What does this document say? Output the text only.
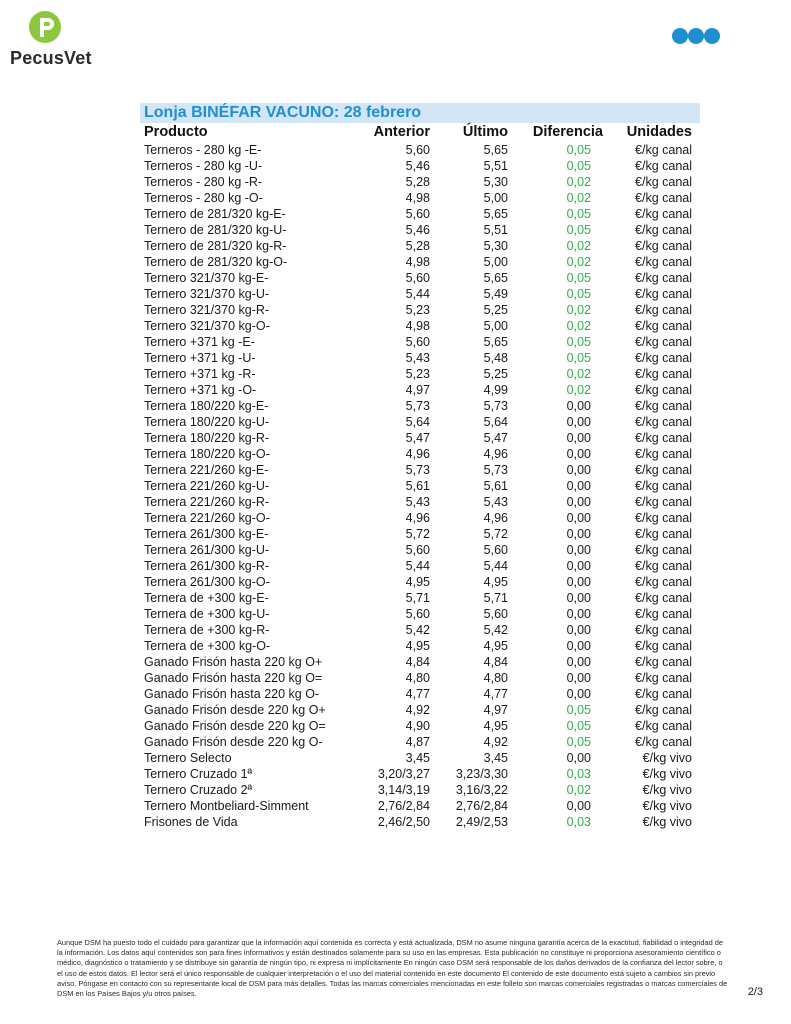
PecusVet
Lonja BINÉFAR VACUNO: 28 febrero
Producto	Anterior	Último	Diferencia	Unidades
Terneros - 280 kg -E-	5,60	5,65	0,05	€/kg canal
Terneros - 280 kg -U-	5,46	5,51	0,05	€/kg canal
Terneros - 280 kg -R-	5,28	5,30	0,02	€/kg canal
Terneros - 280 kg -O-	4,98	5,00	0,02	€/kg canal
Ternero de 281/320 kg-E-	5,60	5,65	0,05	€/kg canal
Ternero de 281/320 kg-U-	5,46	5,51	0,05	€/kg canal
Ternero de 281/320 kg-R-	5,28	5,30	0,02	€/kg canal
Ternero de 281/320 kg-O-	4,98	5,00	0,02	€/kg canal
Ternero 321/370 kg-E-	5,60	5,65	0,05	€/kg canal
Ternero 321/370 kg-U-	5,44	5,49	0,05	€/kg canal
Ternero 321/370 kg-R-	5,23	5,25	0,02	€/kg canal
Ternero 321/370 kg-O-	4,98	5,00	0,02	€/kg canal
Ternero +371 kg -E-	5,60	5,65	0,05	€/kg canal
Ternero +371 kg -U-	5,43	5,48	0,05	€/kg canal
Ternero +371 kg -R-	5,23	5,25	0,02	€/kg canal
Ternero +371 kg -O-	4,97	4,99	0,02	€/kg canal
Ternera 180/220 kg-E-	5,73	5,73	0,00	€/kg canal
Ternera 180/220 kg-U-	5,64	5,64	0,00	€/kg canal
Ternera 180/220 kg-R-	5,47	5,47	0,00	€/kg canal
Ternera 180/220 kg-O-	4,96	4,96	0,00	€/kg canal
Ternera 221/260 kg-E-	5,73	5,73	0,00	€/kg canal
Ternera 221/260 kg-U-	5,61	5,61	0,00	€/kg canal
Ternera 221/260 kg-R-	5,43	5,43	0,00	€/kg canal
Ternera 221/260 kg-O-	4,96	4,96	0,00	€/kg canal
Ternera 261/300 kg-E-	5,72	5,72	0,00	€/kg canal
Ternera 261/300 kg-U-	5,60	5,60	0,00	€/kg canal
Ternera 261/300 kg-R-	5,44	5,44	0,00	€/kg canal
Ternera 261/300 kg-O-	4,95	4,95	0,00	€/kg canal
Ternera de +300 kg-E-	5,71	5,71	0,00	€/kg canal
Ternera de +300 kg-U-	5,60	5,60	0,00	€/kg canal
Ternera de +300 kg-R-	5,42	5,42	0,00	€/kg canal
Ternera de +300 kg-O-	4,95	4,95	0,00	€/kg canal
Ganado Frisón hasta 220 kg O+	4,84	4,84	0,00	€/kg canal
Ganado Frisón hasta 220 kg O=	4,80	4,80	0,00	€/kg canal
Ganado Frisón hasta 220 kg O-	4,77	4,77	0,00	€/kg canal
Ganado Frisón desde 220 kg O+	4,92	4,97	0,05	€/kg canal
Ganado Frisón desde 220 kg O=	4,90	4,95	0,05	€/kg canal
Ganado Frisón desde 220 kg O-	4,87	4,92	0,05	€/kg canal
Ternero Selecto	3,45	3,45	0,00	€/kg vivo
Ternero Cruzado 1ª	3,20/3,27	3,23/3,30	0,03	€/kg vivo
Ternero Cruzado 2ª	3,14/3,19	3,16/3,22	0,02	€/kg vivo
Ternero Montbeliard-Simment	2,76/2,84	2,76/2,84	0,00	€/kg vivo
Frisones de Vida	2,46/2,50	2,49/2,53	0,03	€/kg vivo
Aunque DSM ha puesto todo el cuidado para garantizar que la información aquí contenida es correcta y está actualizada, DSM no asume ninguna garantía acerca de la exactitud, fiabilidad o integridad de la información. Los datos aquí contenidos son para fines informativos y están destinados solamente para su uso en las empresas. Esta publicación no constituye ni proporciona asesoramiento científico o médico, diagnóstico o tratamiento y se distribuye sin garantía de ningún tipo, ni expresa ni implícitamente En ningún caso DSM será responsable de los daños derivados de la confianza del lector sobre, o el uso de estos datos. El lector será el único responsable de cualquier interpretación o el uso del material contenido en este documento El contenido de este documento está sujeto a cambios sin previo aviso. Póngase en contacto con su representante local de DSM para más detalles. Todas las marcas comerciales mencionadas en este folleto son marcas comerciales registradas o marcas comerciales de DSM en los Países Bajos y/u otros países.	2/3
